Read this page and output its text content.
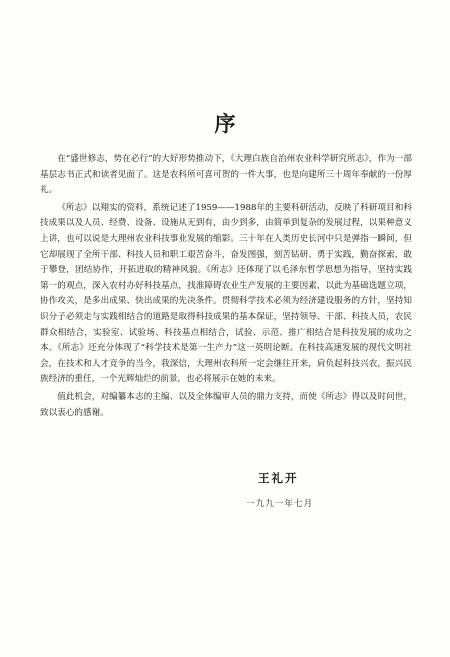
序

在“盛世修志，势在必行”的大好形势推动下，《大理白族自治州农业科学研究所志》，作为一部基层志书正式和读者见面了。这是农科所可喜可贺的一件大事，也是向建所三十周年奉献的一份厚礼。

《所志》以翔实的资料，系统记述了1959——1988年的主要科研活动，反映了科研项目和科技成果以及人员、经费、设备、设施从无到有，由少到多，由简单到复杂的发展过程，以果种意义上讲，也可以说是大理州农业科技事业发展的缩影。三十年在人类历史长河中只是弹指一瞬间，但它却展现了全所干部、科技人员和职工艰苦奋斗，奋发图强，刻苦钻研、勇于实践，勤奋探索，敢于攀登，团结协作，开拓进取的精神风貌。《所志》还体现了以毛泽东哲学思想为指导，坚持实践第一的观点，深入农村办好科技基点，找准障碍农业生产发展的主要因素，以此为基础选题立项，协作攻关，是多出成果、快出成果的先决条件。贯彻科学技术必须为经济建设服务的方针，坚持知识分子必须走与实践相结合的道路是取得科技成果的基本保证，坚持领导、干部、科技人员，农民群众相结合，实验室、试验场、科技基点相结合，试验、示范、推广相结合是科技发展的成功之本。《所志》还充分体现了“科学技术是第一生产力”这一英明论断。在科技高速发展的现代文明社会，在技术和人才竞争的当今，我深信，大理州农科所一定会继往开来，肩负起科技兴农，振兴民族经济的重任，一个光辉灿烂的前景，也必将展示在她的未来。

值此机会，对编纂本志的主编、以及全体编审人员的鼎力支持，而使《所志》得以及时问世，致以衷心的感谢。

王礼开
一九九一年七月
